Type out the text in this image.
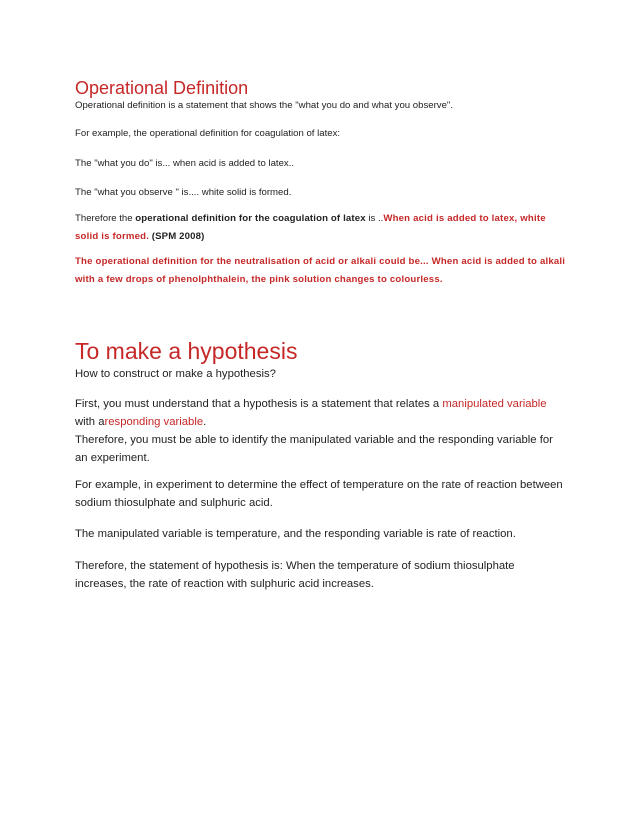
Operational Definition
Operational definition is a statement that shows the "what you do and what you observe".
For example, the operational definition for coagulation of latex:
The "what you do" is... when acid is added to latex..
The "what you observe " is.... white solid is formed.
Therefore the operational definition for the coagulation of latex is ..When acid is added to latex, white solid is formed. (SPM 2008)
The operational definition for the neutralisation of acid or alkali could be... When acid is added to alkali with a few drops of phenolphthalein, the pink solution changes to colourless.
To make a hypothesis
How to construct or make a hypothesis?
First, you must understand that a hypothesis is a statement that relates a manipulated variable with aresponding variable.
Therefore, you must be able to identify the manipulated variable and the responding variable for an experiment.
For example, in experiment to determine the effect of temperature on the rate of reaction between sodium thiosulphate and sulphuric acid.
The manipulated variable is temperature, and the responding variable is rate of reaction.
Therefore, the statement of hypothesis is: When the temperature of sodium thiosulphate increases, the rate of reaction with sulphuric acid increases.
